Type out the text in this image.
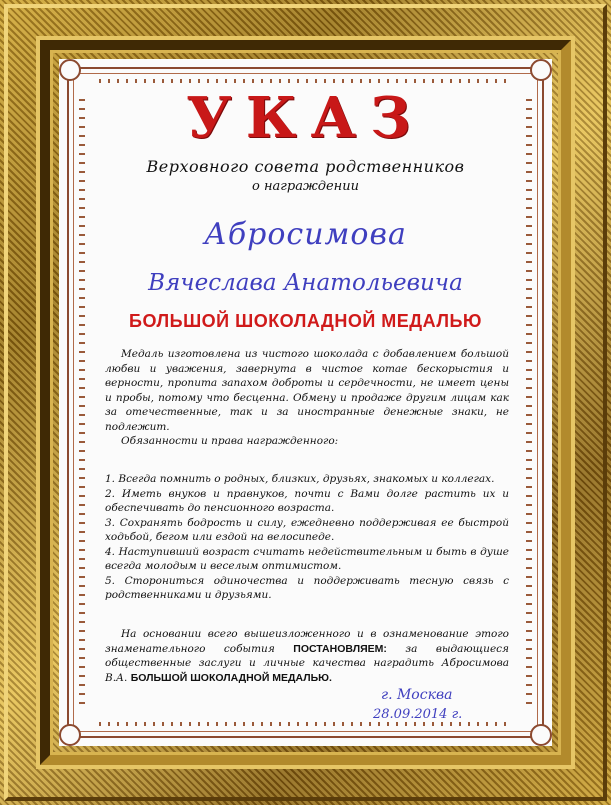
УКАЗ
Верховного совета родственников
о награждении
Абросимова
Вячеслава Анатольевича
БОЛЬШОЙ ШОКОЛАДНОЙ МЕДАЛЬЮ
Медаль изготовлена из чистого шоколада с добавлением большой любви и уважения, завернута в чистое котае бескорыстия и верности, пропита запахом доброты и сердечности, не имеет цены и пробы, потому что бесценна. Обмену и продаже другим лицам как за отечественные, так и за иностранные денежные знаки, не подлежит.
Обязанности и права награжденного:

1. Всегда помнить о родных, близких, друзьях, знакомых и коллегах.

2. Иметь внуков и правнуков, почти с Вами долге растить их и обеспечивать до пенсионного возраста.

3. Сохранять бодрость и силу, ежедневно поддерживая ее быстрой ходьбой, бегом или ездой на велосипеде.

4. Наступивший возраст считать недействительным и быть в душе всегда молодым и веселым оптимистом.

5. Сторониться одиночества и поддерживать тесную связь с родственниками и друзьями.

На основании всего вышеизложенного и в ознаменование этого знаменательного события ПОСТАНОВЛЯЕМ: за выдающиеся общественные заслуги и личные качества наградить Абросимова В.А. БОЛЬШОЙ ШОКОЛАДНОЙ МЕДАЛЬЮ.
г. Москва
28.09.2014 г.
